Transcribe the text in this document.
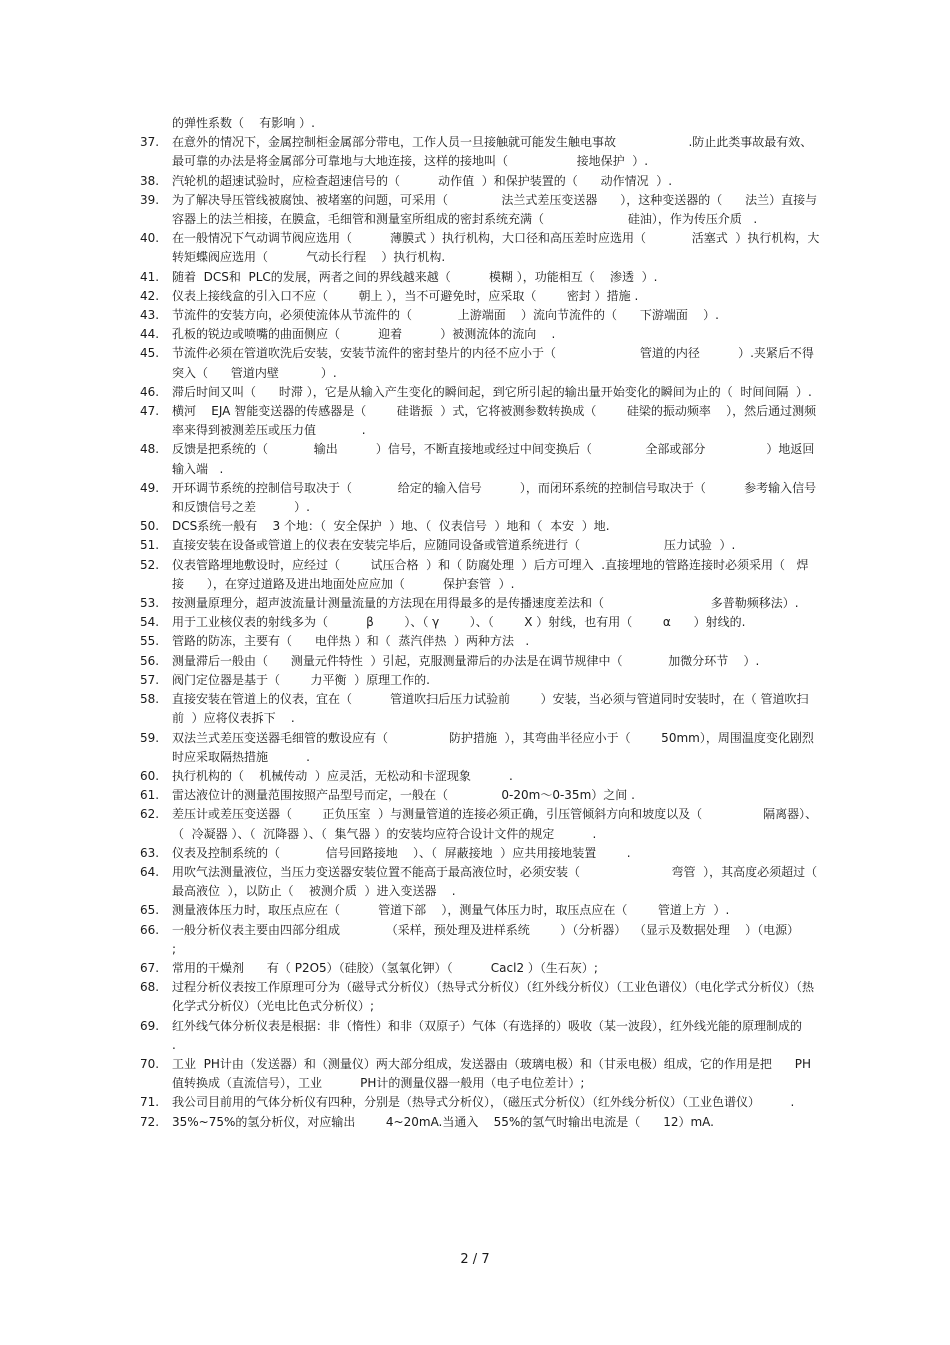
的弹性系数（    有影响 ）.
37.	在意外的情况下，金属控制柜金属部分带电，工作人员一旦接触就可能发生触电事故                   .防止此类事故最有效、最可靠的办法是将金属部分可靠地与大地连接，这样的接地叫（                  接地保护  ）.
38.	汽轮机的超速试验时，应检查超速信号的（          动作值  ）和保护装置的（      动作情况  ）.
39.	为了解决导压管线被腐蚀、被堵塞的问题，可采用（              法兰式差压变送器      ），这种变送器的（      法兰）直接与容器上的法兰相接，在膜盒，毛细管和测量室所组成的密封系统充满（                      硅油），作为传压介质   .
40.	在一般情况下气动调节阀应选用（          薄膜式 ）执行机构，大口径和高压差时应选用（            活塞式  ）执行机构，大转矩蝶阀应选用（          气动长行程    ）执行机构.
41.	随着  DCS和  PLC的发展，两者之间的界线越来越（          模糊 ），功能相互（    渗透  ）.
42.	仪表上接线盒的引入口不应（        朝上 ），当不可避免时，应采取（        密封 ）措施 .
43.	节流件的安装方向，必须使流体从节流件的（            上游端面    ）流向节流件的（      下游端面    ）.
44.	孔板的锐边或喷嘴的曲面侧应（          迎着          ）被测流体的流向    .
45.	节流件必须在管道吹洗后安装，安装节流件的密封垫片的内径不应小于（                      管道的内径          ）.夹紧后不得突入（      管道内壁           ）.
46.	滞后时间又叫（      时滞 ），它是从输入产生变化的瞬间起，到它所引起的输出量开始变化的瞬间为止的（  时间间隔  ）.
47.	横河    EJA 智能变送器的传感器是（        硅谐振  ）式，它将被测参数转换成（        硅梁的振动频率    ），然后通过测频率来得到被测差压或压力值            .
48.	反馈是把系统的（            输出          ）信号，不断直接地或经过中间变换后（              全部或部分                ）地返回输入端   .
49.	开环调节系统的控制信号取决于（            给定的输入信号          ），而闭环系统的控制信号取决于（          参考输入信号和反馈信号之差          ）.
50.	DCS系统一般有    3 个地：（  安全保护  ）地、（  仪表信号  ）地和（  本安  ）地.
51.	直接安装在设备或管道上的仪表在安装完毕后，应随同设备或管道系统进行（                      压力试验  ）.
52.	仪表管路埋地敷设时，应经过（        试压合格  ）和（ 防腐处理  ）后方可埋入  .直接埋地的管路连接时必须采用（   焊接      ），在穿过道路及进出地面处应应加（          保护套管  ）.
53.	按测量原理分，超声波流量计测量流量的方法现在用得最多的是传播速度差法和（                            多普勒频移法）.
54.	用于工业核仪表的射线多为（          β        ）、（ γ        ）、（        X ）射线，也有用（        α      ）射线的.
55.	管路的防冻，主要有（      电伴热 ）和（  蒸汽伴热  ）两种方法   .
56.	测量滞后一般由（      测量元件特性  ）引起，克服测量滞后的办法是在调节规律中（            加微分环节    ）.
57.	阀门定位器是基于（        力平衡  ）原理工作的.
58.	直接安装在管道上的仪表，宜在（          管道吹扫后压力试验前        ）安装，当必须与管道同时安装时，在（ 管道吹扫前  ）应将仪表拆下    .
59.	双法兰式差压变送器毛细管的敷设应有（                防护措施  ），其弯曲半径应小于（        50mm），周围温度变化剧烈时应采取隔热措施          .
60.	执行机构的（    机械传动  ）应灵活，无松动和卡涩现象          .
61.	雷达液位计的测量范围按照产品型号而定，一般在（              0-20m～0-35m）之间 .
62.	差压计或差压变送器（        正负压室  ）与测量管道的连接必须正确，引压管倾斜方向和坡度以及（                隔离器）、（  冷凝器 ）、（  沉降器 ）、（  集气器 ）的安装均应符合设计文件的规定          .
63.	仪表及控制系统的（            信号回路接地    ）、（  屏蔽接地  ）应共用接地装置        .
64.	用吹气法测量液位，当压力变送器安装位置不能高于最高液位时，必须安装（                        弯管  ），其高度必须超过（    最高液位  ），以防止（    被测介质  ）进入变送器    .
65.	测量液体压力时，取压点应在（          管道下部    ），测量气体压力时，取压点应在（        管道上方  ）.
66.	一般分析仪表主要由四部分组成            （采样，预处理及进样系统        ）（分析器）  （显示及数据处理    ）（电源）     ;
67.	常用的干燥剂      有（ P2O5）（硅胶）（氢氧化钾）（          Cacl2 ）（生石灰）;
68.	过程分析仪表按工作原理可分为（磁导式分析仪）（热导式分析仪）（红外线分析仪）（工业色谱仪）（电化学式分析仪）（热化学式分析仪）（光电比色式分析仪）;
69.	红外线气体分析仪表是根据：非（惰性）和非（双原子）气体（有选择的）吸收（某一波段），红外线光能的原理制成的          .
70.	工业  PH计由（发送器）和（测量仪）两大部分组成，发送器由（玻璃电极）和（甘汞电极）组成，它的作用是把      PH值转换成（直流信号），工业          PH计的测量仪器一般用（电子电位差计）;
71.	我公司目前用的气体分析仪有四种，分别是（热导式分析仪），（磁压式分析仪）（红外线分析仪）（工业色谱仪）        .
72.	35%~75%的氢分析仪，对应输出        4~20mA.当通入    55%的氢气时输出电流是（      12）mA.
2 / 7
